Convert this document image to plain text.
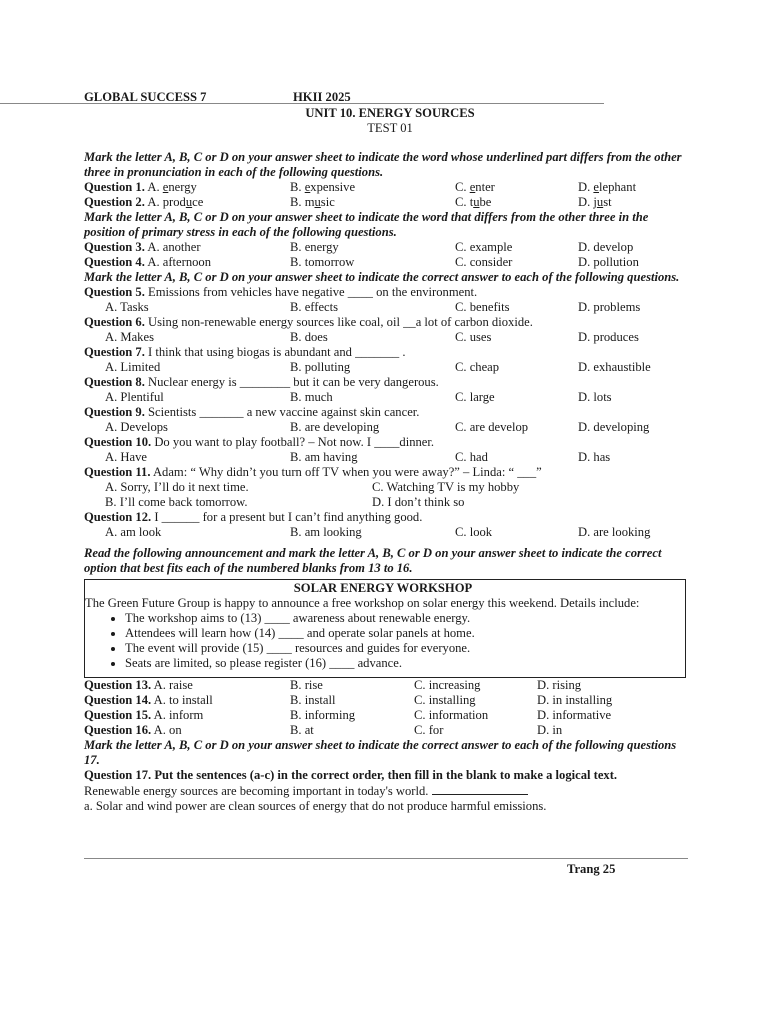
GLOBAL SUCCESS 7	HKII 2025
UNIT 10. ENERGY SOURCES
TEST 01
Mark the letter A, B, C or D on your answer sheet to indicate the word whose underlined part differs from the other three in pronunciation in each of the following questions.
Question 1. A. energy	B. expensive	C. enter	D. elephant
Question 2. A. produce	B. music	C. tube	D. just
Mark the letter A, B, C or D on your answer sheet to indicate the word that differs from the other three in the position of primary stress in each of the following questions.
Question 3. A. another	B. energy	C. example	D. develop
Question 4. A. afternoon	B. tomorrow	C. consider	D. pollution
Mark the letter A, B, C or D on your answer sheet to indicate the correct answer to each of the following questions.
Question 5. Emissions from vehicles have negative ____ on the environment.
A. Tasks	B. effects	C. benefits	D. problems
Question 6. Using non-renewable energy sources like coal, oil __a lot of carbon dioxide.
A. Makes	B. does	C. uses	D. produces
Question 7. I think that using biogas is abundant and _______ .
A. Limited	B. polluting	C. cheap	D. exhaustible
Question 8. Nuclear energy is ________ but it can be very dangerous.
A. Plentiful	B. much	C. large	D. lots
Question 9. Scientists _______ a new vaccine against skin cancer.
A. Develops	B. are developing	C. are develop	D. developing
Question 10. Do you want to play football? – Not now. I ____dinner.
A. Have	B. am having	C. had	D. has
Question 11. Adam: “ Why didn’t you turn off TV when you were away?” – Linda: “ ___”
A. Sorry, I’ll do it next time.	C. Watching TV is my hobby
B. I’ll come back tomorrow.	D. I don’t think so
Question 12. I ______ for a present but I can’t find anything good.
A. am look	B. am looking	C. look	D. are looking
Read the following announcement and mark the letter A, B, C or D on your answer sheet to indicate the correct option that best fits each of the numbered blanks from 13 to 16.
SOLAR ENERGY WORKSHOP
The Green Future Group is happy to announce a free workshop on solar energy this weekend. Details include:
• The workshop aims to (13) ____ awareness about renewable energy.
• Attendees will learn how (14) ____ and operate solar panels at home.
• The event will provide (15) ____ resources and guides for everyone.
• Seats are limited, so please register (16) ____ advance.
Question 13. A. raise	B. rise	C. increasing	D. rising
Question 14. A. to install	B. install	C. installing	D. in installing
Question 15. A. inform	B. informing	C. information	D. informative
Question 16. A. on	B. at	C. for	D. in
Mark the letter A, B, C or D on your answer sheet to indicate the correct answer to each of the following questions 17.
Question 17. Put the sentences (a-c) in the correct order, then fill in the blank to make a logical text.
Renewable energy sources are becoming important in today's world.
a. Solar and wind power are clean sources of energy that do not produce harmful emissions.
Trang 25
